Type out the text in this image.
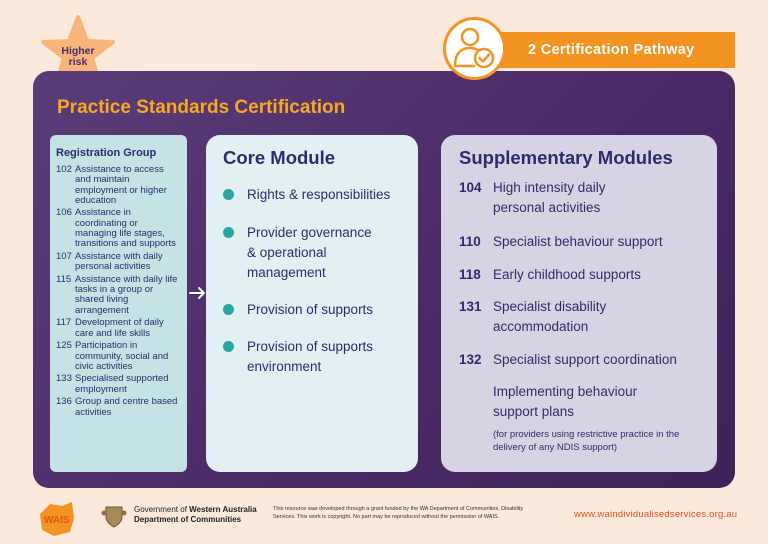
Higher
risk
2 Certification Pathway
Practice Standards Certification
Registration Group
102 Assistance to access and maintain employment or higher education
106 Assistance in coordinating or managing life stages, transitions and supports
107 Assistance with daily personal activities
115 Assistance with daily life tasks in a group or shared living arrangement
117 Development of daily care and life skills
125 Participation in community, social and civic activities
133 Specialised supported employment
136 Group and centre based activities
Core Module
Rights & responsibilities
Provider governance & operational management
Provision of supports
Provision of supports environment
Supplementary Modules
104 High intensity daily personal activities
110 Specialist behaviour support
118 Early childhood supports
131 Specialist disability accommodation
132 Specialist support coordination
Implementing behaviour support plans
(for providers using restrictive practice in the delivery of any NDIS support)
WAIS
Government of Western Australia
Department of Communities
This resource was developed through a grant funded by the WA Department of Communities, Disability Services. This work is copyright. No part may be reproduced without the permission of WAIS.	www.waindividualisedservices.org.au
